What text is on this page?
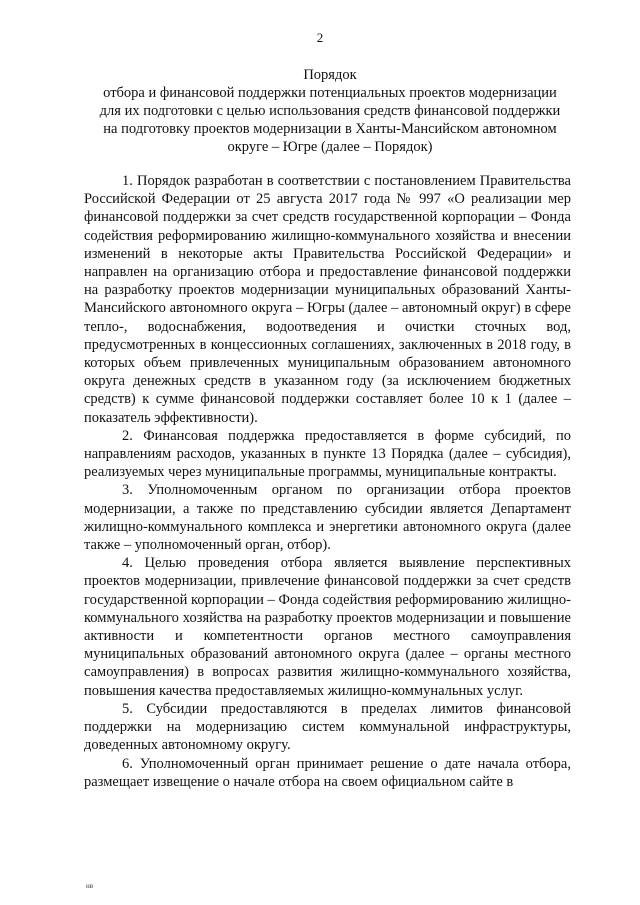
2
Порядок
отбора и финансовой поддержки потенциальных проектов модернизации
для их подготовки с целью использования средств финансовой поддержки
на подготовку проектов модернизации в Ханты-Мансийском автономном
округе – Югре (далее – Порядок)

1. Порядок разработан в соответствии с постановлением Правительства Российской Федерации от 25 августа 2017 года № 997 «О реализации мер финансовой поддержки за счет средств государственной корпорации – Фонда содействия реформированию жилищно-коммунального хозяйства и внесении изменений в некоторые акты Правительства Российской Федерации» и направлен на организацию отбора и предоставление финансовой поддержки на разработку проектов модернизации муниципальных образований Ханты-Мансийского автономного округа – Югры (далее – автономный округ) в сфере тепло-, водоснабжения, водоотведения и очистки сточных вод, предусмотренных в концессионных соглашениях, заключенных в 2018 году, в которых объем привлеченных муниципальным образованием автономного округа денежных средств в указанном году (за исключением бюджетных средств) к сумме финансовой поддержки составляет более 10 к 1 (далее – показатель эффективности).

2. Финансовая поддержка предоставляется в форме субсидий, по направлениям расходов, указанных в пункте 13 Порядка (далее – субсидия), реализуемых через муниципальные программы, муниципальные контракты.

3. Уполномоченным органом по организации отбора проектов модернизации, а также по представлению субсидии является Департамент жилищно-коммунального комплекса и энергетики автономного округа (далее также – уполномоченный орган, отбор).

4. Целью проведения отбора является выявление перспективных проектов модернизации, привлечение финансовой поддержки за счет средств государственной корпорации – Фонда содействия реформированию жилищно-коммунального хозяйства на разработку проектов модернизации и повышение активности и компетентности органов местного самоуправления муниципальных образований автономного округа (далее – органы местного самоуправления) в вопросах развития жилищно-коммунального хозяйства, повышения качества предоставляемых жилищно-коммунальных услуг.

5. Субсидии предоставляются в пределах лимитов финансовой поддержки на модернизацию систем коммунальной инфраструктуры, доведенных автономному округу.

6. Уполномоченный орган принимает решение о дате начала отбора, размещает извещение о начале отбора на своем официальном сайте в

нв
